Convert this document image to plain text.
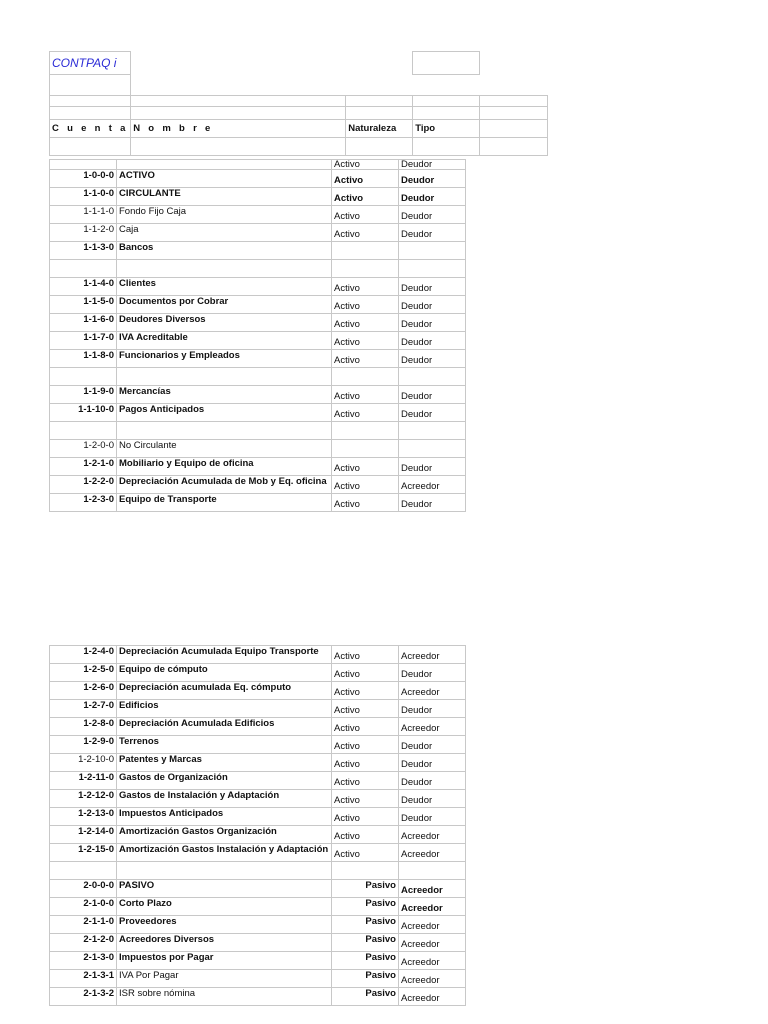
CONTPAQ i				

C u e n t a	N o m b r e	Naturaleza	Tipo	

		Activo	Deudor
1-0-0-0	ACTIVO	Activo	Deudor
1-1-0-0	CIRCULANTE	Activo	Deudor
1-1-1-0	Fondo Fijo Caja	Activo	Deudor
1-1-2-0	Caja	Activo	Deudor
1-1-3-0	Bancos		

1-1-4-0	Clientes	Activo	Deudor
1-1-5-0	Documentos por Cobrar	Activo	Deudor
1-1-6-0	Deudores Diversos	Activo	Deudor
1-1-7-0	IVA Acreditable	Activo	Deudor
1-1-8-0	Funcionarios y Empleados	Activo	Deudor

1-1-9-0	Mercancías	Activo	Deudor
1-1-10-0	Pagos Anticipados	Activo	Deudor

1-2-0-0	No Circulante		
1-2-1-0	Mobiliario y Equipo de oficina	Activo	Deudor
1-2-2-0	Depreciación Acumulada de Mob y Eq. oficina	Activo	Acreedor
1-2-3-0	Equipo de Transporte	Activo	Deudor
1-2-4-0	Depreciación Acumulada Equipo Transporte	Activo	Acreedor
1-2-5-0	Equipo de cómputo	Activo	Deudor
1-2-6-0	Depreciación acumulada Eq. cómputo	Activo	Acreedor
1-2-7-0	Edificios	Activo	Deudor
1-2-8-0	Depreciación Acumulada Edificios	Activo	Acreedor
1-2-9-0	Terrenos	Activo	Deudor
1-2-10-0	Patentes y Marcas	Activo	Deudor
1-2-11-0	Gastos de Organización	Activo	Deudor
1-2-12-0	Gastos de Instalación y Adaptación	Activo	Deudor
1-2-13-0	Impuestos Anticipados	Activo	Deudor
1-2-14-0	Amortización Gastos Organización	Activo	Acreedor
1-2-15-0	Amortización Gastos Instalación y Adaptación	Activo	Acreedor

2-0-0-0	PASIVO	Pasivo	Acreedor
2-1-0-0	Corto Plazo	Pasivo	Acreedor
2-1-1-0	Proveedores	Pasivo	Acreedor
2-1-2-0	Acreedores Diversos	Pasivo	Acreedor
2-1-3-0	Impuestos por Pagar	Pasivo	Acreedor
2-1-3-1	IVA Por Pagar	Pasivo	Acreedor
2-1-3-2	ISR sobre nómina	Pasivo	Acreedor
